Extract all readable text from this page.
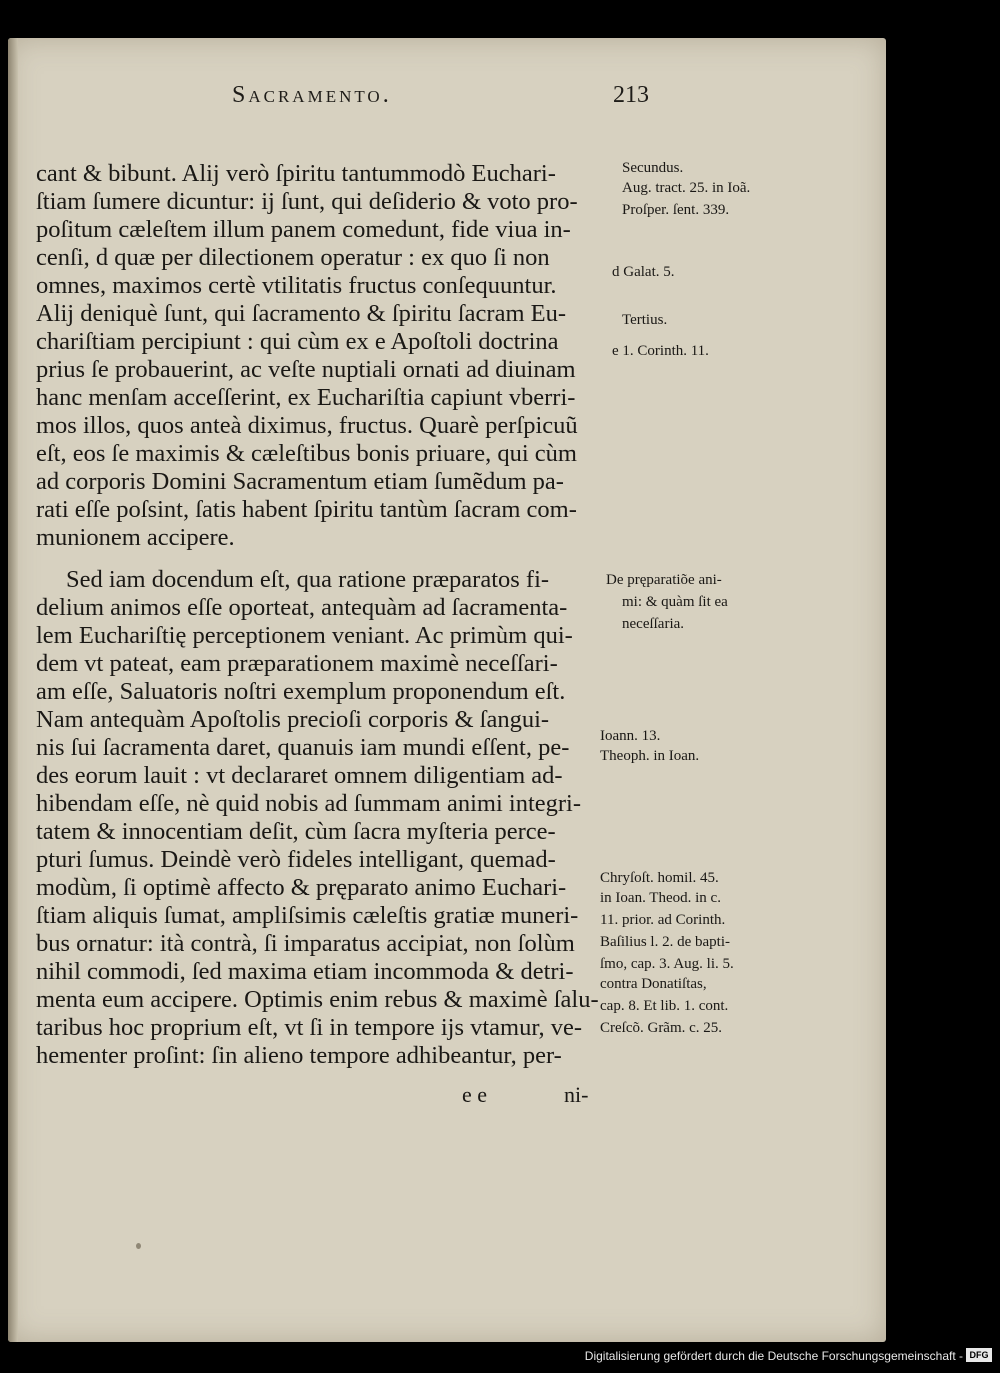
Sacramento.	213
cant & bibunt. Alij verò ſpiritu tantummodò Euchari-
ſtiam ſumere dicuntur: ij ſunt, qui deſiderio & voto pro-
poſitum cæleſtem illum panem comedunt, fide viua in-
cenſi, d quæ per dilectionem operatur : ex quo ſi non
omnes, maximos certè vtilitatis fructus conſequuntur.
Alij deniquè ſunt, qui ſacramento & ſpiritu ſacram Eu-
chariſtiam percipiunt : qui cùm ex e Apoſtoli doctrina
prius ſe probauerint, ac veſte nuptiali ornati ad diuinam
hanc menſam acceſſerint, ex Euchariſtia capiunt vberri-
mos illos, quos anteà diximus, fructus. Quarè perſpicuũ
eſt, eos ſe maximis & cæleſtibus bonis priuare, qui cùm
ad corporis Domini Sacramentum etiam ſumẽdum pa-
rati eſſe poſsint, ſatis habent ſpiritu tantùm ſacram com-
munionem accipere.
Sed iam docendum eſt, qua ratione præparatos fi-
delium animos eſſe oporteat, antequàm ad ſacramenta-
lem Euchariſtię perceptionem veniant. Ac primùm qui-
dem vt pateat, eam præparationem maximè neceſſari-
am eſſe, Saluatoris noſtri exemplum proponendum eſt.
Nam antequàm Apoſtolis precioſi corporis & ſangui-
nis ſui ſacramenta daret, quanuis iam mundi eſſent, pe-
des eorum lauit : vt declararet omnem diligentiam ad-
hibendam eſſe, nè quid nobis ad ſummam animi integri-
tatem & innocentiam deſit, cùm ſacra myſteria perce-
pturi ſumus. Deindè verò fideles intelligant, quemad-
modùm, ſi optimè affecto & pręparato animo Euchari-
ſtiam aliquis ſumat, ampliſsimis cæleſtis gratiæ muneri-
bus ornatur: ità contrà, ſi imparatus accipiat, non ſolùm
nihil commodi, ſed maxima etiam incommoda & detri-
menta eum accipere. Optimis enim rebus & maximè ſalu-
taribus hoc proprium eſt, vt ſi in tempore ijs vtamur, ve-
hementer proſint: ſin alieno tempore adhibeantur, per-
e e	ni-
Secundus.
Aug. tract. 25. in Ioã.
Proſper. ſent. 339.
d Galat. 5.
Tertius.
e 1. Corinth. 11.
De pręparatiõe ani-
mi: & quàm ſit ea
neceſſaria.
Ioann. 13.
Theoph. in Ioan.
Chryſoſt. homil. 45.
in Ioan. Theod. in c.
11. prior. ad Corinth.
Baſilius l. 2. de bapti-
ſmo, cap. 3. Aug. li. 5.
contra Donatiſtas,
cap. 8. Et lib. 1. cont.
Creſcõ. Grãm. c. 25.
Digitalisierung gefördert durch die Deutsche Forschungsgemeinschaft - DFG
